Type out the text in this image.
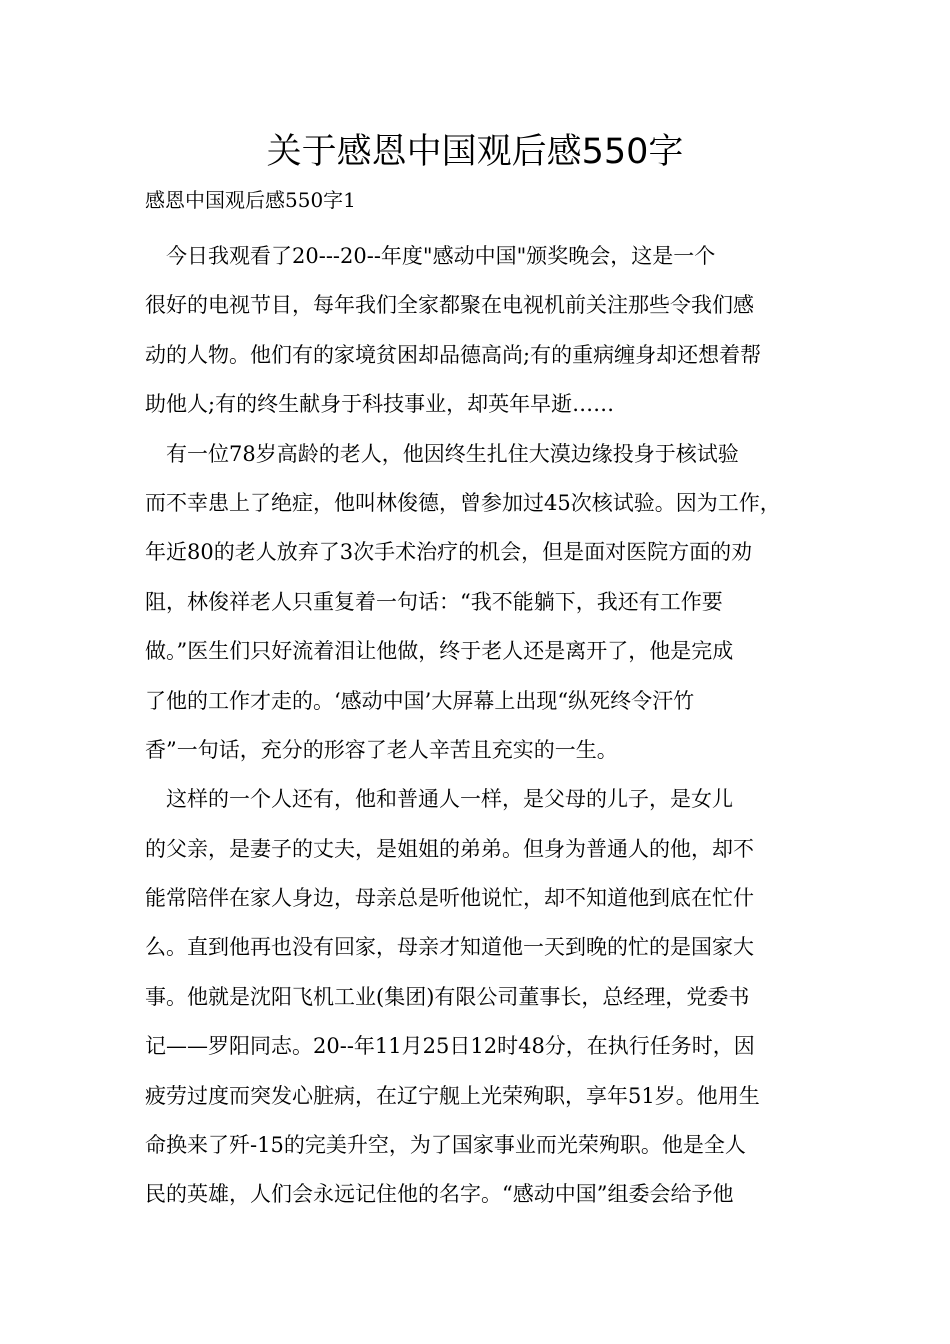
关于感恩中国观后感550字

感恩中国观后感550字1

　今日我观看了20---20--年度"感动中国"颁奖晚会，这是一个
很好的电视节目，每年我们全家都聚在电视机前关注那些令我们感
动的人物。他们有的家境贫困却品德高尚;有的重病缠身却还想着帮
助他人;有的终生献身于科技事业，却英年早逝……

　有一位78岁高龄的老人，他因终生扎住大漠边缘投身于核试验
而不幸患上了绝症，他叫林俊德，曾参加过45次核试验。因为工作，
年近80的老人放弃了3次手术治疗的机会，但是面对医院方面的劝
阻，林俊祥老人只重复着一句话：“我不能躺下，我还有工作要
做。”医生们只好流着泪让他做，终于老人还是离开了，他是完成
了他的工作才走的。‘感动中国’大屏幕上出现“纵死终令汗竹
香”一句话，充分的形容了老人辛苦且充实的一生。

　这样的一个人还有，他和普通人一样，是父母的儿子，是女儿
的父亲，是妻子的丈夫，是姐姐的弟弟。但身为普通人的他，却不
能常陪伴在家人身边，母亲总是听他说忙，却不知道他到底在忙什
么。直到他再也没有回家，母亲才知道他一天到晚的忙的是国家大
事。他就是沈阳飞机工业(集团)有限公司董事长，总经理，党委书
记——罗阳同志。20--年11月25日12时48分，在执行任务时，因
疲劳过度而突发心脏病，在辽宁舰上光荣殉职，享年51岁。他用生
命换来了歼-15的完美升空，为了国家事业而光荣殉职。他是全人
民的英雄，人们会永远记住他的名字。“感动中国”组委会给予他
